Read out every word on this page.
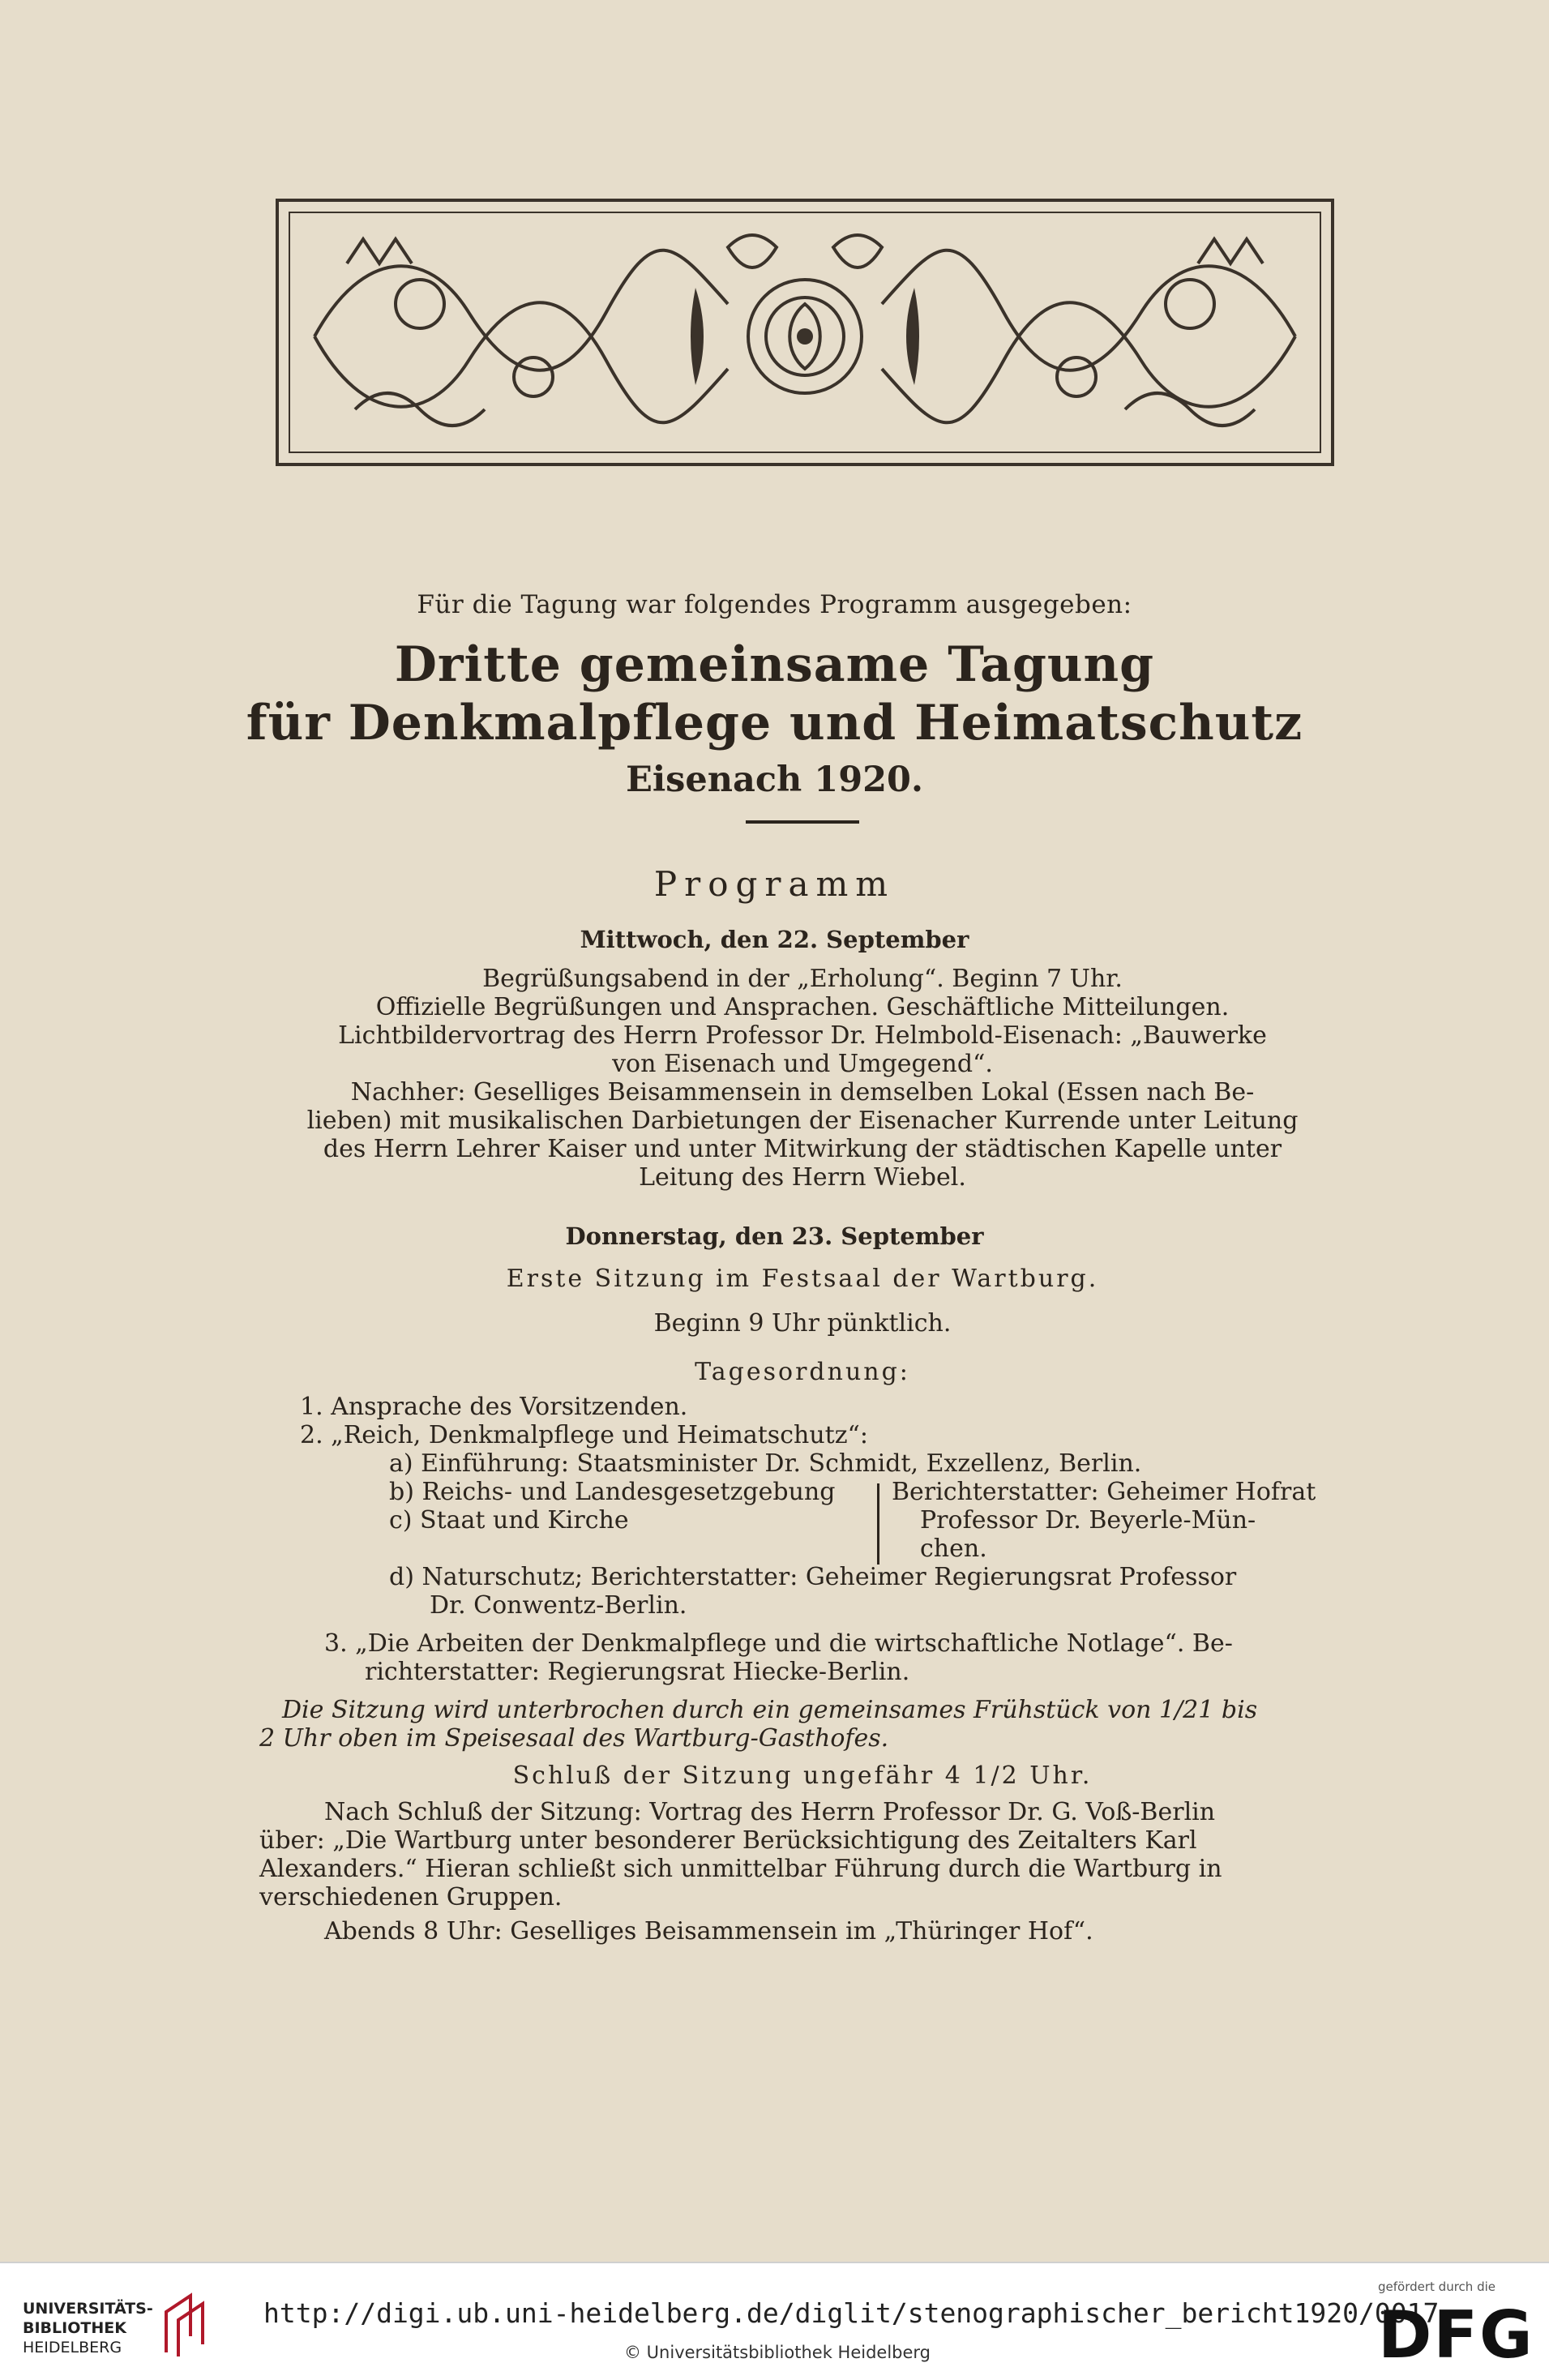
Für die Tagung war folgendes Programm ausgegeben:
Dritte gemeinsame Tagung
für Denkmalpflege und Heimatschutz
Eisenach 1920.
Programm
Mittwoch, den 22. September
Begrüßungsabend in der „Erholung“. Beginn 7 Uhr.
Offizielle Begrüßungen und Ansprachen. Geschäftliche Mitteilungen.
Lichtbildervortrag des Herrn Professor Dr. Helmbold-Eisenach: „Bauwerke
von Eisenach und Umgegend“.
Nachher: Geselliges Beisammensein in demselben Lokal (Essen nach Be-
lieben) mit musikalischen Darbietungen der Eisenacher Kurrende unter Leitung
des Herrn Lehrer Kaiser und unter Mitwirkung der städtischen Kapelle unter
Leitung des Herrn Wiebel.
Donnerstag, den 23. September
Erste Sitzung im Festsaal der Wartburg.
Beginn 9 Uhr pünktlich.
Tagesordnung:
1. Ansprache des Vorsitzenden.
2. „Reich, Denkmalpflege und Heimatschutz“:
a) Einführung: Staatsminister Dr. Schmidt, Exzellenz, Berlin.
b) Reichs- und Landesgesetzgebung
c) Staat und Kirche
Berichterstatter: Geheimer Hofrat
Professor Dr. Beyerle-Mün-
chen.
d) Naturschutz; Berichterstatter: Geheimer Regierungsrat Professor
Dr. Conwentz-Berlin.
3. „Die Arbeiten der Denkmalpflege und die wirtschaftliche Notlage“. Be-
richterstatter: Regierungsrat Hiecke-Berlin.
Die Sitzung wird unterbrochen durch ein gemeinsames Frühstück von 1/21 bis
2 Uhr oben im Speisesaal des Wartburg-Gasthofes.
Schluß der Sitzung ungefähr 4 1/2 Uhr.
Nach Schluß der Sitzung: Vortrag des Herrn Professor Dr. G. Voß-Berlin
über: „Die Wartburg unter besonderer Berücksichtigung des Zeitalters Karl
Alexanders.“ Hieran schließt sich unmittelbar Führung durch die Wartburg in
verschiedenen Gruppen.
Abends 8 Uhr: Geselliges Beisammensein im „Thüringer Hof“.
UNIVERSITÄTS-
BIBLIOTHEK
HEIDELBERG
http://digi.ub.uni-heidelberg.de/diglit/stenographischer_bericht1920/0017
© Universitätsbibliothek Heidelberg
gefördert durch die
DFG
